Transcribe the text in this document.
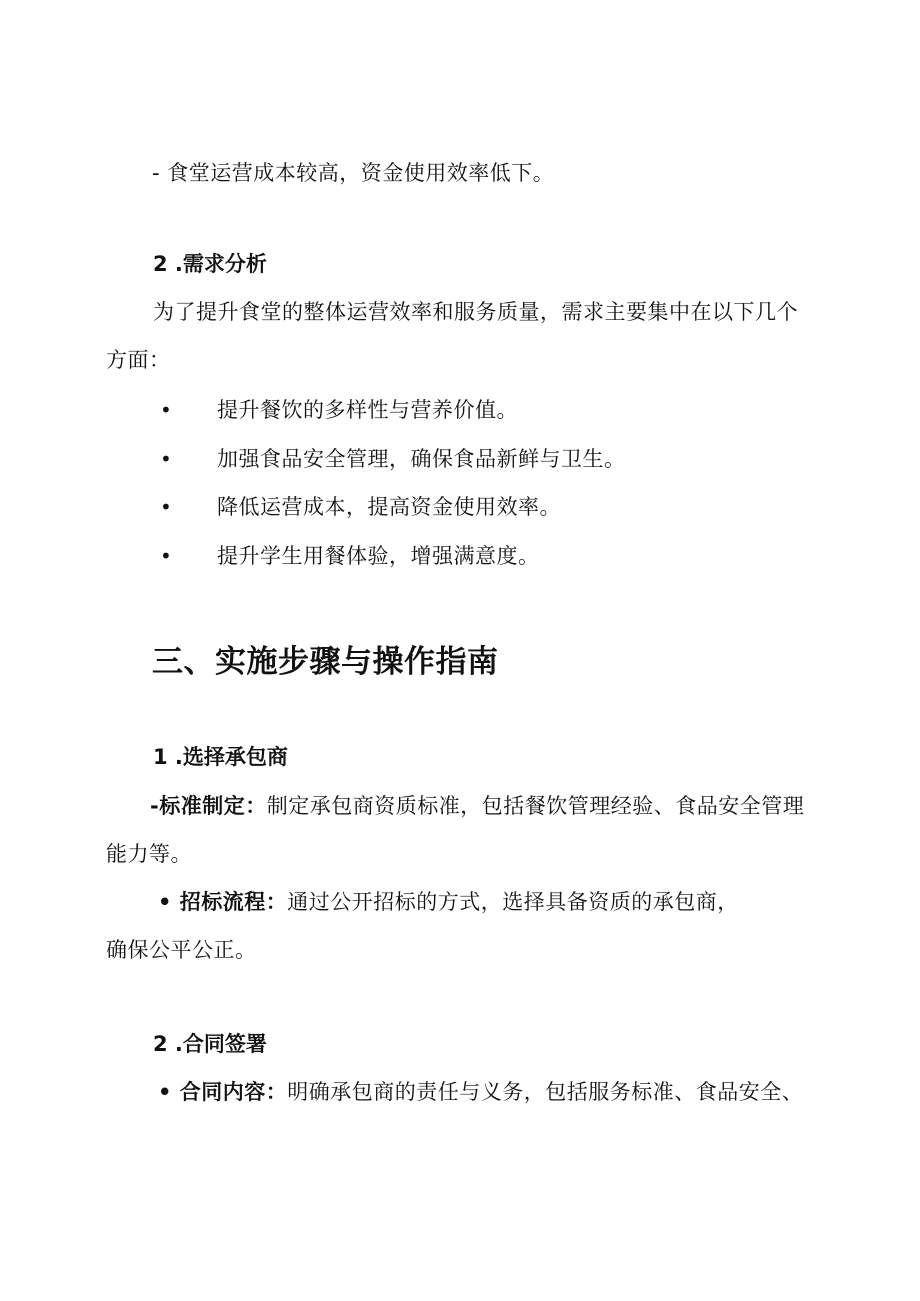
- 食堂运营成本较高，资金使用效率低下。
2 .需求分析
为了提升食堂的整体运营效率和服务质量，需求主要集中在以下几个
方面：
• 提升餐饮的多样性与营养价值。
• 加强食品安全管理，确保食品新鲜与卫生。
• 降低运营成本，提高资金使用效率。
• 提升学生用餐体验，增强满意度。
三、实施步骤与操作指南
1 .选择承包商
-标准制定：制定承包商资质标准，包括餐饮管理经验、食品安全管理
能力等。
• 招标流程：通过公开招标的方式，选择具备资质的承包商，
确保公平公正。
2 .合同签署
• 合同内容：明确承包商的责任与义务，包括服务标准、食品安全、
